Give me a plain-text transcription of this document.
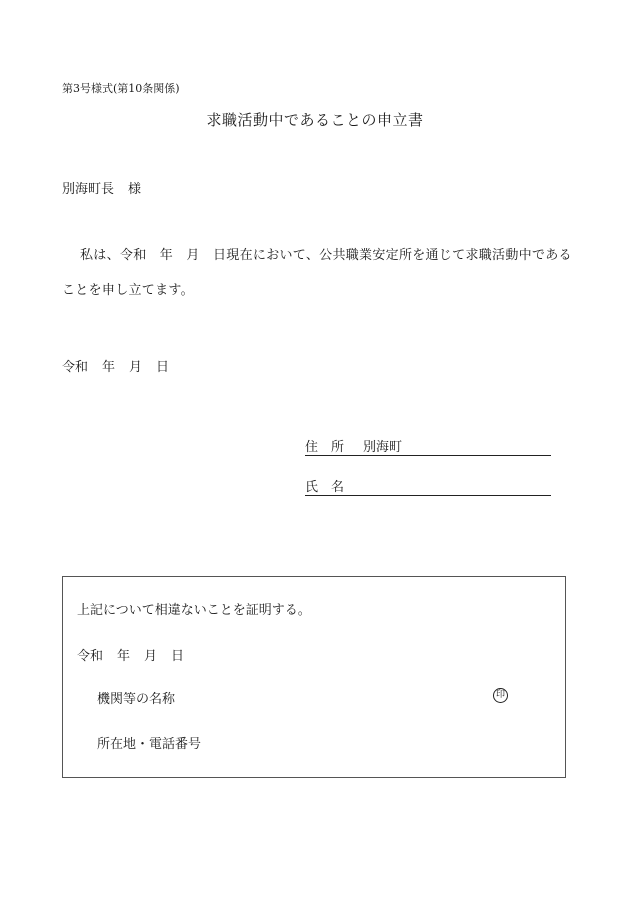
第3号様式(第10条関係)
求職活動中であることの申立書
別海町長 様
私は、令和　年　月　日現在において、公共職業安定所を通じて求職活動中である
ことを申し立てます。
令和 年 月 日
住　所 別海町
氏　名
上記について相違ないことを証明する。
令和 年 月 日
機関等の名称	印
所在地・電話番号
